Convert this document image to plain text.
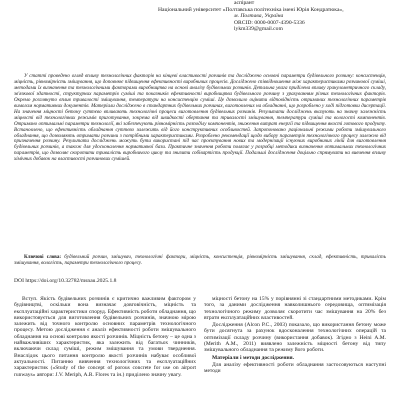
аспірант
Національний університет «Полтавська політехніка імені Юрія Кондратюка»,
м. Полтава, Україна
ORCID: 0000-0007-4390-5336
lykm339@gmail.com

У статті проведено огляд впливу технологічних факторів на кінцеві властивості розчинів та досліджено основні параметри будівельного розчину: консистенція, міцність, рівномірність змішування, що доповнює підвищення ефективності виробничих процесів. Досліджено співвідношення між характеристиками розчинової суміші, методами їх визначення та технологічними факторами виробництва на основі аналізу будівельних розчинів. Детальна увага приділена впливу гранулометричного складу, зв'язкової здатності, структурних параметрів суміші та показників ефективності виробництва будівельного розчину з урахуванням різних технологічних факторів. Окремо розглянуто вплив тривалості змішування, температури на консистенцію суміші. Це дозволило оцінити відповідність отриманих технологічних параметрів вимогам нормативних документів. Матеріали досліджено в стандартних будівельних розчинах, виготовлених на обладнанні, що розроблено у ході підготовки дисертації. На значення міцності бетону суттєво впливають технологічні процеси виготовлення будівельних розчинів. Результати досліджень вказують на значну залежність міцності від технологічних режимів приготування, зокрема від швидкості обертання та тривалості змішування, температури суміші та вологості компонентів. Отримано оптимальні параметри технології, які забезпечують рівномірність розподілу компонентів, зниження витрат енергії та підвищення якості готового продукту. Встановлено, що ефективність обладнання суттєво залежить від його конструктивних особливостей. Запропоновано раціональні режими роботи змішувального обладнання, що дозволяють отримати розчини з потрібними характеристиками. Розроблено рекомендації щодо вибору параметрів технологічного процесу залежно від призначення розчину. Результати досліджень можуть бути використані під час проєктування нових та модернізації існуючих виробничих ліній для виготовлення будівельних розчинів, а також для удосконалення нормативної бази. Практичне значення роботи полягає у розробці методики визначення оптимальних технологічних параметрів, що дозволяє скоротити тривалість виробничого циклу та знизити собівартість продукції. Подальші дослідження доцільно спрямувати на вивчення впливу хімічних добавок на властивості розчинових сумішей.

Ключові слова: будівельний розчин, змішувач, технологічні фактори, міцність, консистенція, рівномірність змішування, склад, ефективність, тривалість змішування, вологість, параметри технологічного процесу.
DOI https://doi.org/10.32782/msnau.2025.1.8

Вступ. Якість будівельних розчинів є критично важливим фактором у будівництві, оскільки вона визначає довговічність, міцність та експлуатаційні характеристики споруд. Ефективність роботи обладнання, що використовується для виготовлення будівельних розчинів, значною мірою залежить від точного контролю основних параметрів технологічного процесу. Метою дослідження є аналіз ефективності роботи змішувального обладнання на основі контролю якості розчинів. Міцність бетону – це одна з найважливіших характеристик, яка залежить від багатьох чинників, включаючи склад суміші, режим змішування та умови тверднення. Внаслідок цього питання контролю якості розчинів набуває особливої актуальності. Питанню вивчення технологічних та експлуатаційних характеристик («Study of the concept of porous concrete for use on airport runways» автори: J.V. Meriph, A.R. Flores та ін.) приділено значну увагу.

міцності бетону на 15% у порівнянні зі стандартними методиками. Крім того, за даними дослідження навколишнього середовища, оптимізація технологічного режиму дозволяє скоротити час змішування на 20% без втрати експлуатаційних властивостей.

Дослідження (Alcon P.C., 2003) показало, що використання бетону може бути досягнута за рахунок вдосконалення технологічних операцій та оптимізації складу розчину (використання добавок). Згідно з Heini A.M. (Merith A.M., 2011) виявлено залежність міцності бетону від типу змішувального обладнання та режиму його роботи.

Матеріали і методи дослідження.

Для аналізу ефективності роботи обладнання застосовуються наступні методи
